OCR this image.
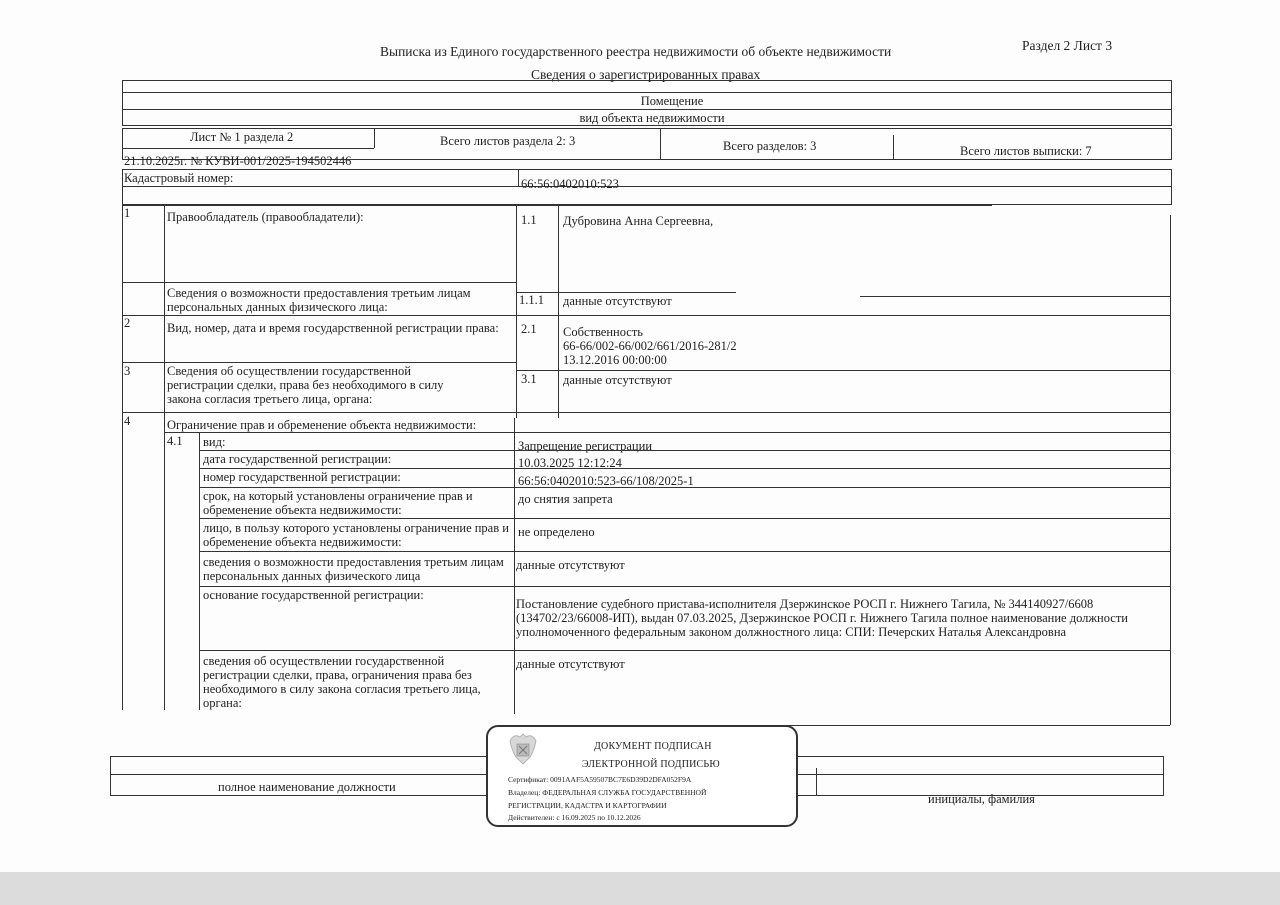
Выписка из Единого государственного реестра недвижимости об объекте недвижимости
Сведения о зарегистрированных правах
Раздел 2 Лист 3
Помещение
вид объекта недвижимости
Лист № 1 раздела 2	Всего листов раздела 2: 3	Всего разделов: 3	Всего листов выписки: 7
21.10.2025г. № КУВИ-001/2025-194502446
Кадастровый номер:	66:56:0402010:523
1	Правообладатель (правообладатели):	1.1 Дубровина Анна Сергеевна,
Сведения о возможности предоставления третьим лицам персональных данных физического лица:	1.1.1 данные отсутствуют
2	Вид, номер, дата и время государственной регистрации права:	2.1 Собственность
66-66/002-66/002/661/2016-281/2
13.12.2016 00:00:00
3	Сведения об осуществлении государственной регистрации сделки, права без необходимого в силу закона согласия третьего лица, органа:
3.1 данные отсутствуют
4	Ограничение прав и обременение объекта недвижимости:
4.1 вид:	Запрещение регистрации
дата государственной регистрации:	10.03.2025 12:12:24
номер государственной регистрации:	66:56:0402010:523-66/108/2025-1
срок, на который установлены ограничение прав и обременение объекта недвижимости:
до снятия запрета
лицо, в пользу которого установлены ограничение прав и обременение объекта недвижимости:
не определено
сведения о возможности предоставления третьим лицам персональных данных физического лица
данные отсутствуют
основание государственной регистрации:
Постановление судебного пристава-исполнителя Дзержинское РОСП г. Нижнего Тагила, № 344140927/6608 (134702/23/66008-ИП), выдан 07.03.2025, Дзержинское РОСП г. Нижнего Тагила полное наименование должности уполномоченного федеральным законом должностного лица: СПИ: Печерских Наталья Александровна
сведения об осуществлении государственной регистрации сделки, права, ограничения права без необходимого в силу закона согласия третьего лица, органа:
данные отсутствуют
полное наименование должности
инициалы, фамилия
ДОКУМЕНТ ПОДПИСАН
ЭЛЕКТРОННОЙ ПОДПИСЬЮ
Сертификат: 0091AAF5A59507BC7E6D39D2DFA052F9A
Владелец: ФЕДЕРАЛЬНАЯ СЛУЖБА ГОСУДАРСТВЕННОЙ
РЕГИСТРАЦИИ, КАДАСТРА И КАРТОГРАФИИ
Действителен: с 16.09.2025 по 10.12.2026
